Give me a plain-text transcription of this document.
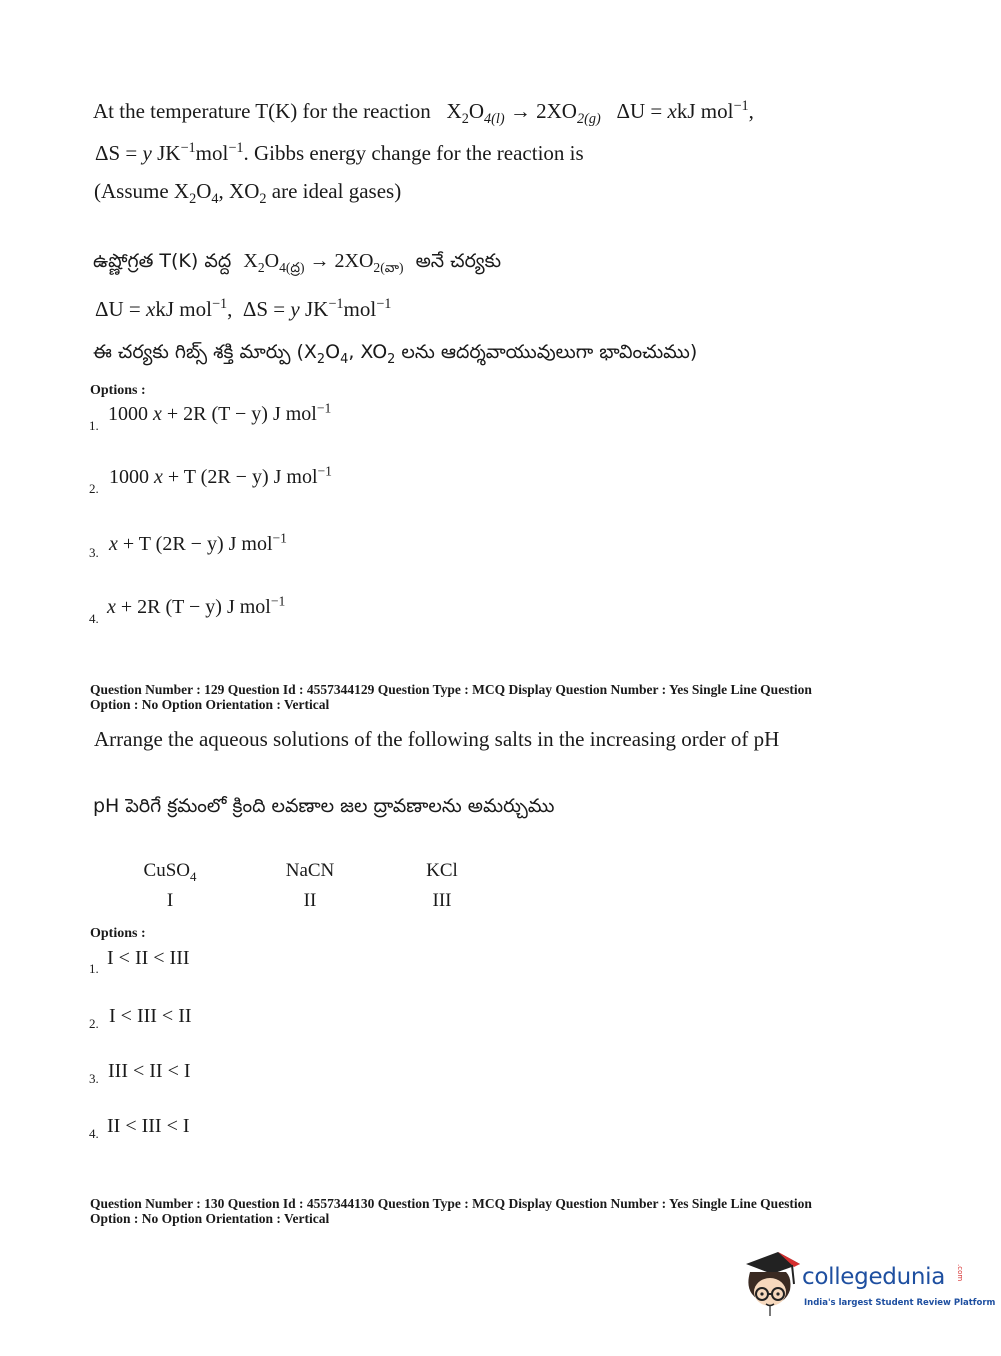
At the temperature T(K) for the reaction $X_2O_{4(l)} \to 2XO_{2(g)}$ ΔU = xkJ mol$^{-1}$,
ΔS = y $JK^{-1}mol^{-1}$. Gibbs energy change for the reaction is
(Assume $X_2O_4$, $XO_2$ are ideal gases)
ఉష్ణోగ్రత T(K) వద్ద $X_2O_{4(ద్ర)} \to 2XO_{2(వా)}$ అనే చర్యకు
ΔU = xkJ mol$^{-1}$,  ΔS = y $JK^{-1}mol^{-1}$
ఈ చర్యకు గిబ్స్ శక్తి మార్పు ($X_2O_4$, $XO_2$ లను ఆదర్శవాయువులుగా భావించుము)
Options :
1.
1000 x + 2R (T − y) J mol$^{-1}$
2.
1000 x + T (2R − y) J mol$^{-1}$
3. x + T (2R − y) J mol$^{-1}$
4.
x + 2R (T − y) J mol$^{-1}$
Question Number : 129 Question Id : 4557344129 Question Type : MCQ Display Question Number : Yes Single Line Question
Option : No Option Orientation : Vertical
Arrange the aqueous solutions of the following salts in the increasing order of pH
pH పెరిగే క్రమంలో క్రింది లవణాల జల ద్రావణాలను అమర్చుము
CuSO$_4$
I
NaCN
II
KCl
III
Options :
1. I < II < III
2. I < III < II
3. III < II < I
4. II < III < I
Question Number : 130 Question Id : 4557344130 Question Type : MCQ Display Question Number : Yes Single Line Question
Option : No Option Orientation : Vertical
collegedunia .com
India's largest Student Review Platform
